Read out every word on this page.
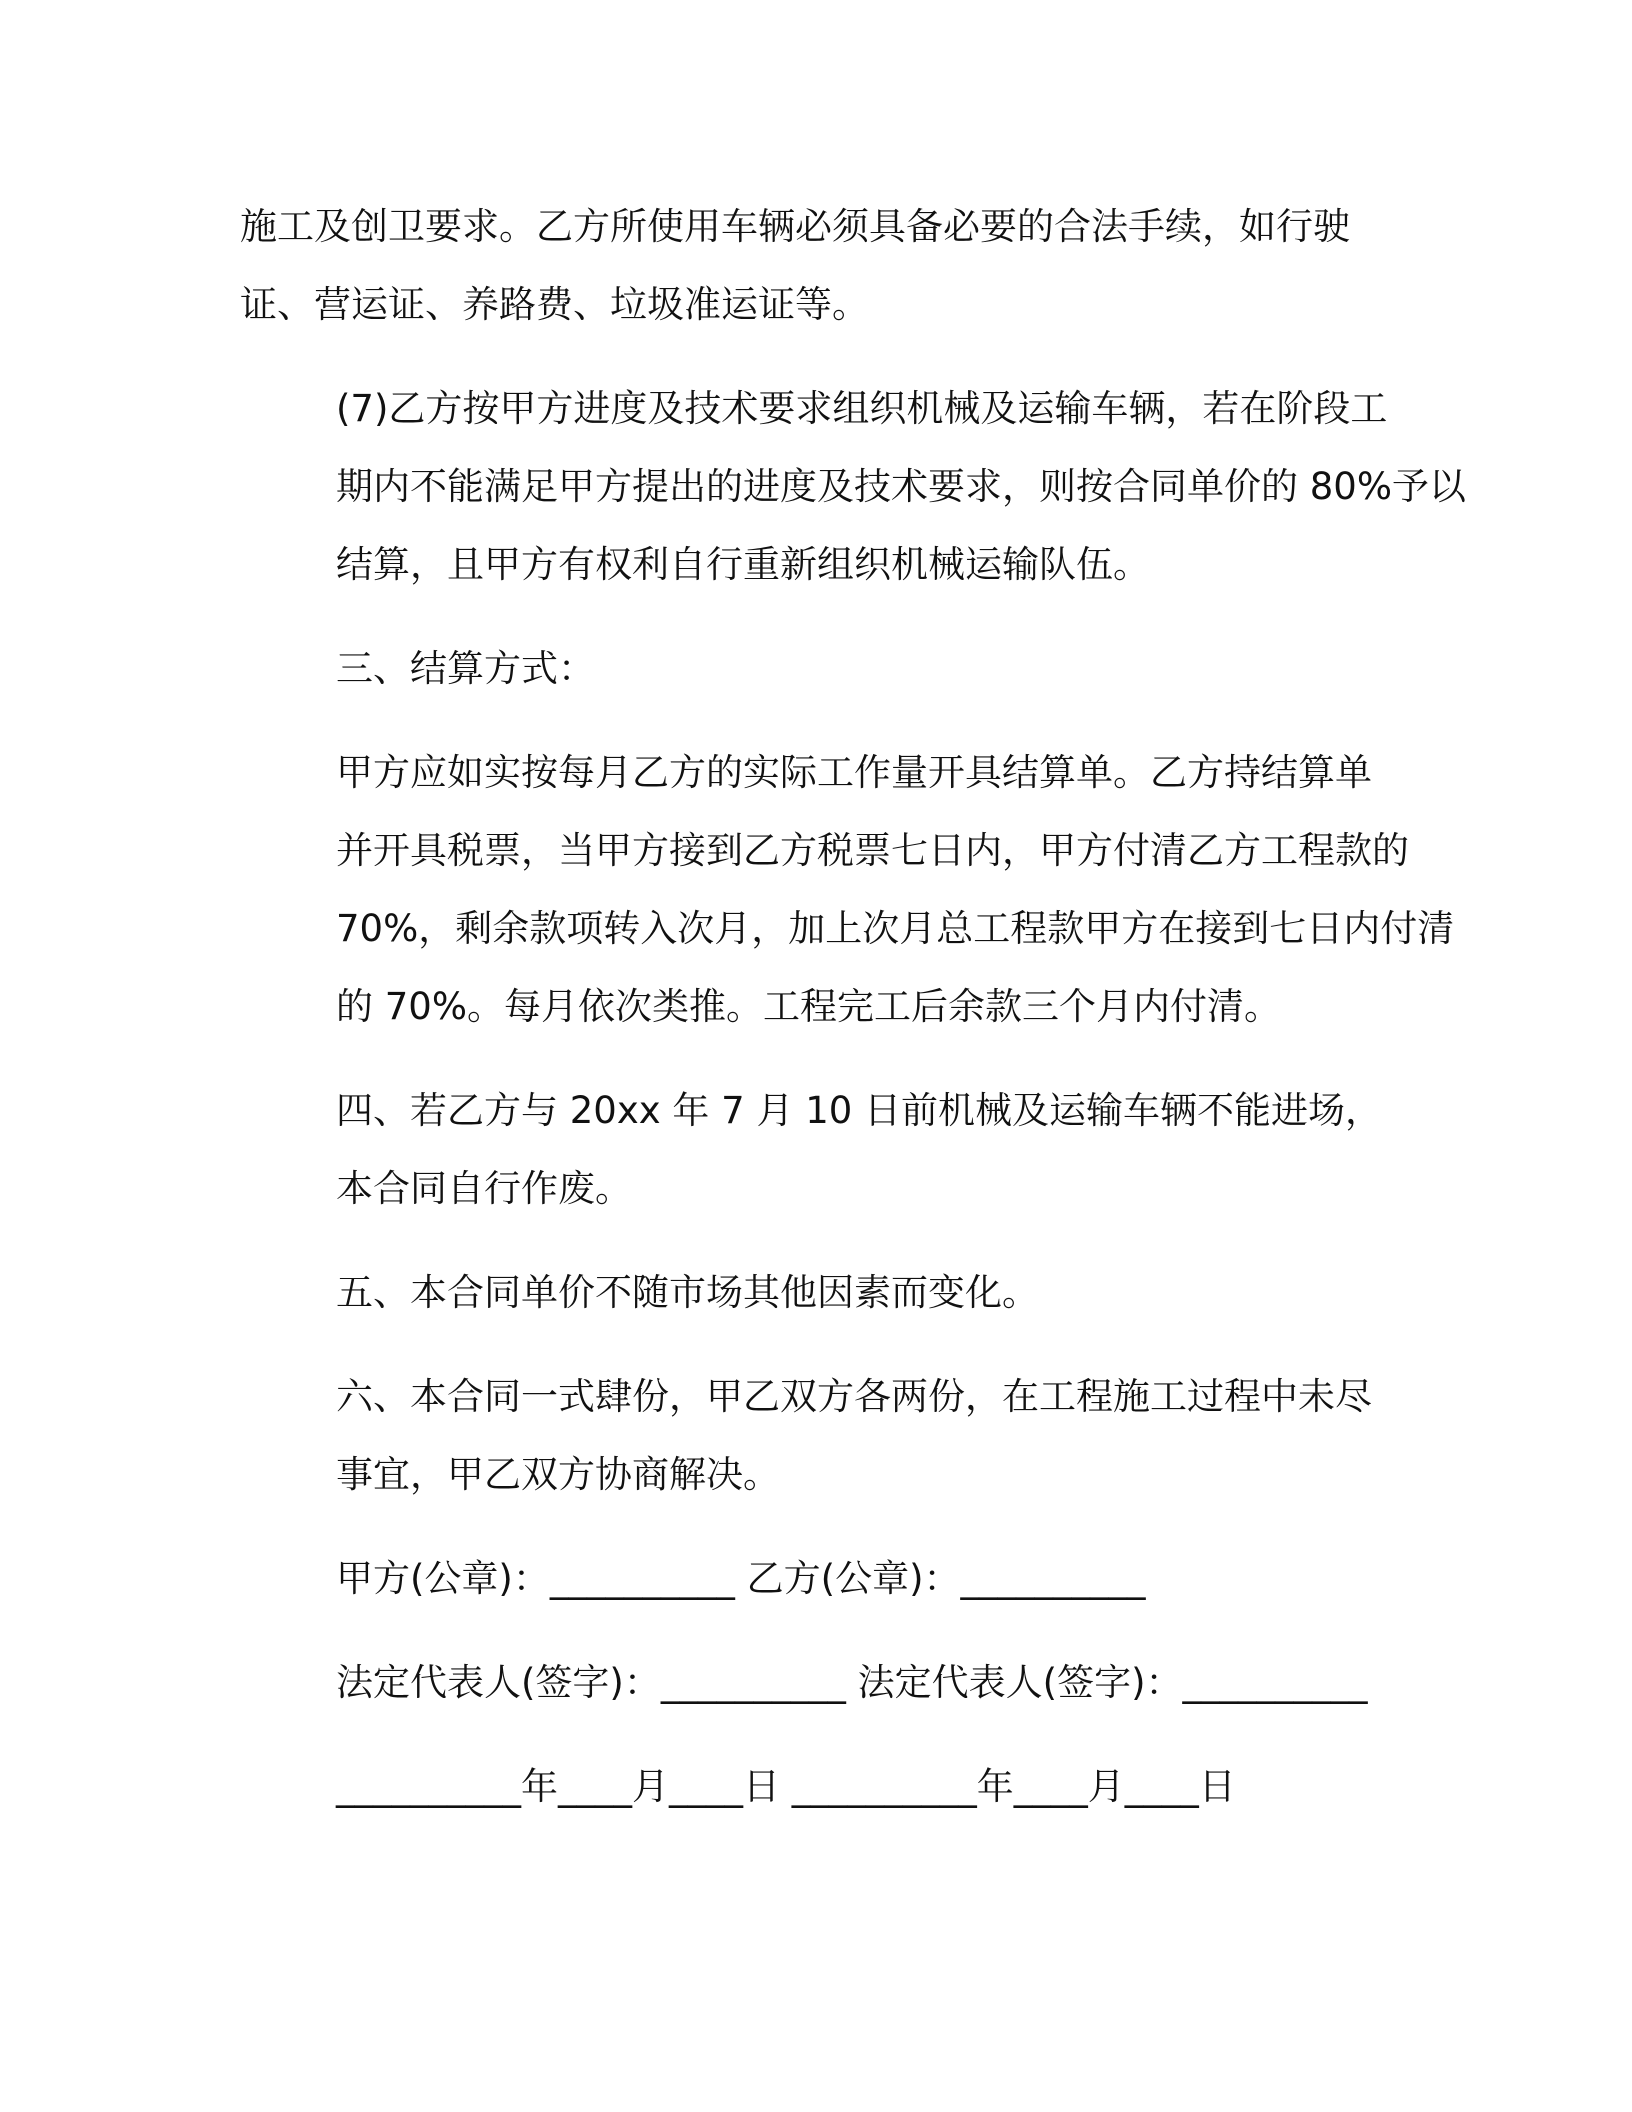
施工及创卫要求。乙方所使用车辆必须具备必要的合法手续，如行驶
证、营运证、养路费、垃圾准运证等。

(7)乙方按甲方进度及技术要求组织机械及运输车辆，若在阶段工
期内不能满足甲方提出的进度及技术要求，则按合同单价的 80%予以
结算，且甲方有权利自行重新组织机械运输队伍。

三、结算方式：

甲方应如实按每月乙方的实际工作量开具结算单。乙方持结算单
并开具税票，当甲方接到乙方税票七日内，甲方付清乙方工程款的
70%，剩余款项转入次月，加上次月总工程款甲方在接到七日内付清
的 70%。每月依次类推。工程完工后余款三个月内付清。

四、若乙方与 20xx 年 7 月 10 日前机械及运输车辆不能进场，
本合同自行作废。

五、本合同单价不随市场其他因素而变化。

六、本合同一式肆份，甲乙双方各两份，在工程施工过程中未尽
事宜，甲乙双方协商解决。

甲方(公章)：__________ 乙方(公章)：__________
法定代表人(签字)：__________ 法定代表人(签字)：__________
__________年____月____日 __________年____月____日
